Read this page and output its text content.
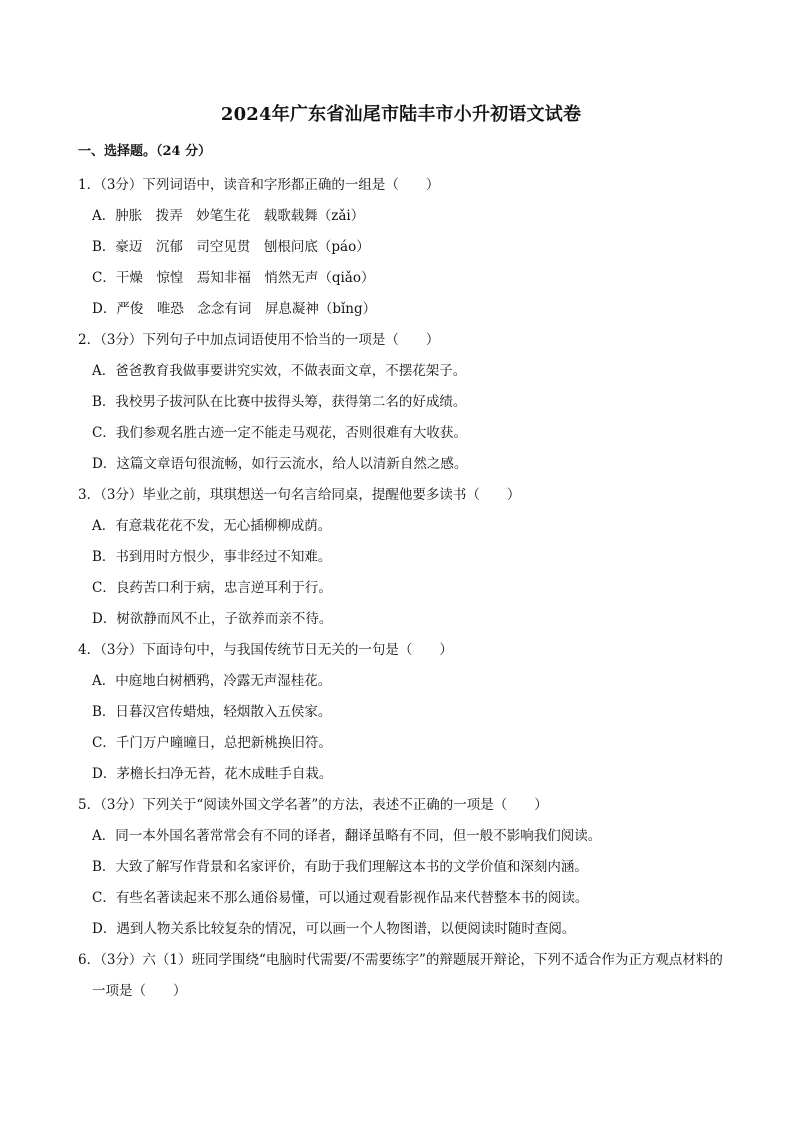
2024年广东省汕尾市陆丰市小升初语文试卷
一、选择题。（24 分）
1．（3分）下列词语中，读音和字形都正确的一组是（　　）
A．肿胀　拨弄　妙笔生花　载歌载舞（zǎi）
B．豪迈　沉郁　司空见贯　刨根问底（páo）
C．干燥　惊惶　焉知非福　悄然无声（qiǎo）
D．严俊　唯恐　念念有词　屏息凝神（bǐng）
2．（3分）下列句子中加点词语使用不恰当的一项是（　　）
A．爸爸教育我做事要讲究实效，不做表面文章，不摆花架子。
B．我校男子拔河队在比赛中拔得头筹，获得第二名的好成绩。
C．我们参观名胜古迹一定不能走马观花，否则很难有大收获。
D．这篇文章语句很流畅，如行云流水，给人以清新自然之感。
3．（3分）毕业之前，琪琪想送一句名言给同桌，提醒他要多读书（　　）
A．有意栽花花不发，无心插柳柳成荫。
B．书到用时方恨少，事非经过不知难。
C．良药苦口利于病，忠言逆耳利于行。
D．树欲静而风不止，子欲养而亲不待。
4．（3分）下面诗句中，与我国传统节日无关的一句是（　　）
A．中庭地白树栖鸦，冷露无声湿桂花。
B．日暮汉宫传蜡烛，轻烟散入五侯家。
C．千门万户曈曈日，总把新桃换旧符。
D．茅檐长扫净无苔，花木成畦手自栽。
5．（3分）下列关于“阅读外国文学名著”的方法，表述不正确的一项是（　　）
A．同一本外国名著常常会有不同的译者，翻译虽略有不同，但一般不影响我们阅读。
B．大致了解写作背景和名家评价，有助于我们理解这本书的文学价值和深刻内涵。
C．有些名著读起来不那么通俗易懂，可以通过观看影视作品来代替整本书的阅读。
D．遇到人物关系比较复杂的情况，可以画一个人物图谱，以便阅读时随时查阅。
6．（3分）六（1）班同学围绕“电脑时代需要/不需要练字”的辩题展开辩论，下列不适合作为正方观点材料的一项是（　　）
